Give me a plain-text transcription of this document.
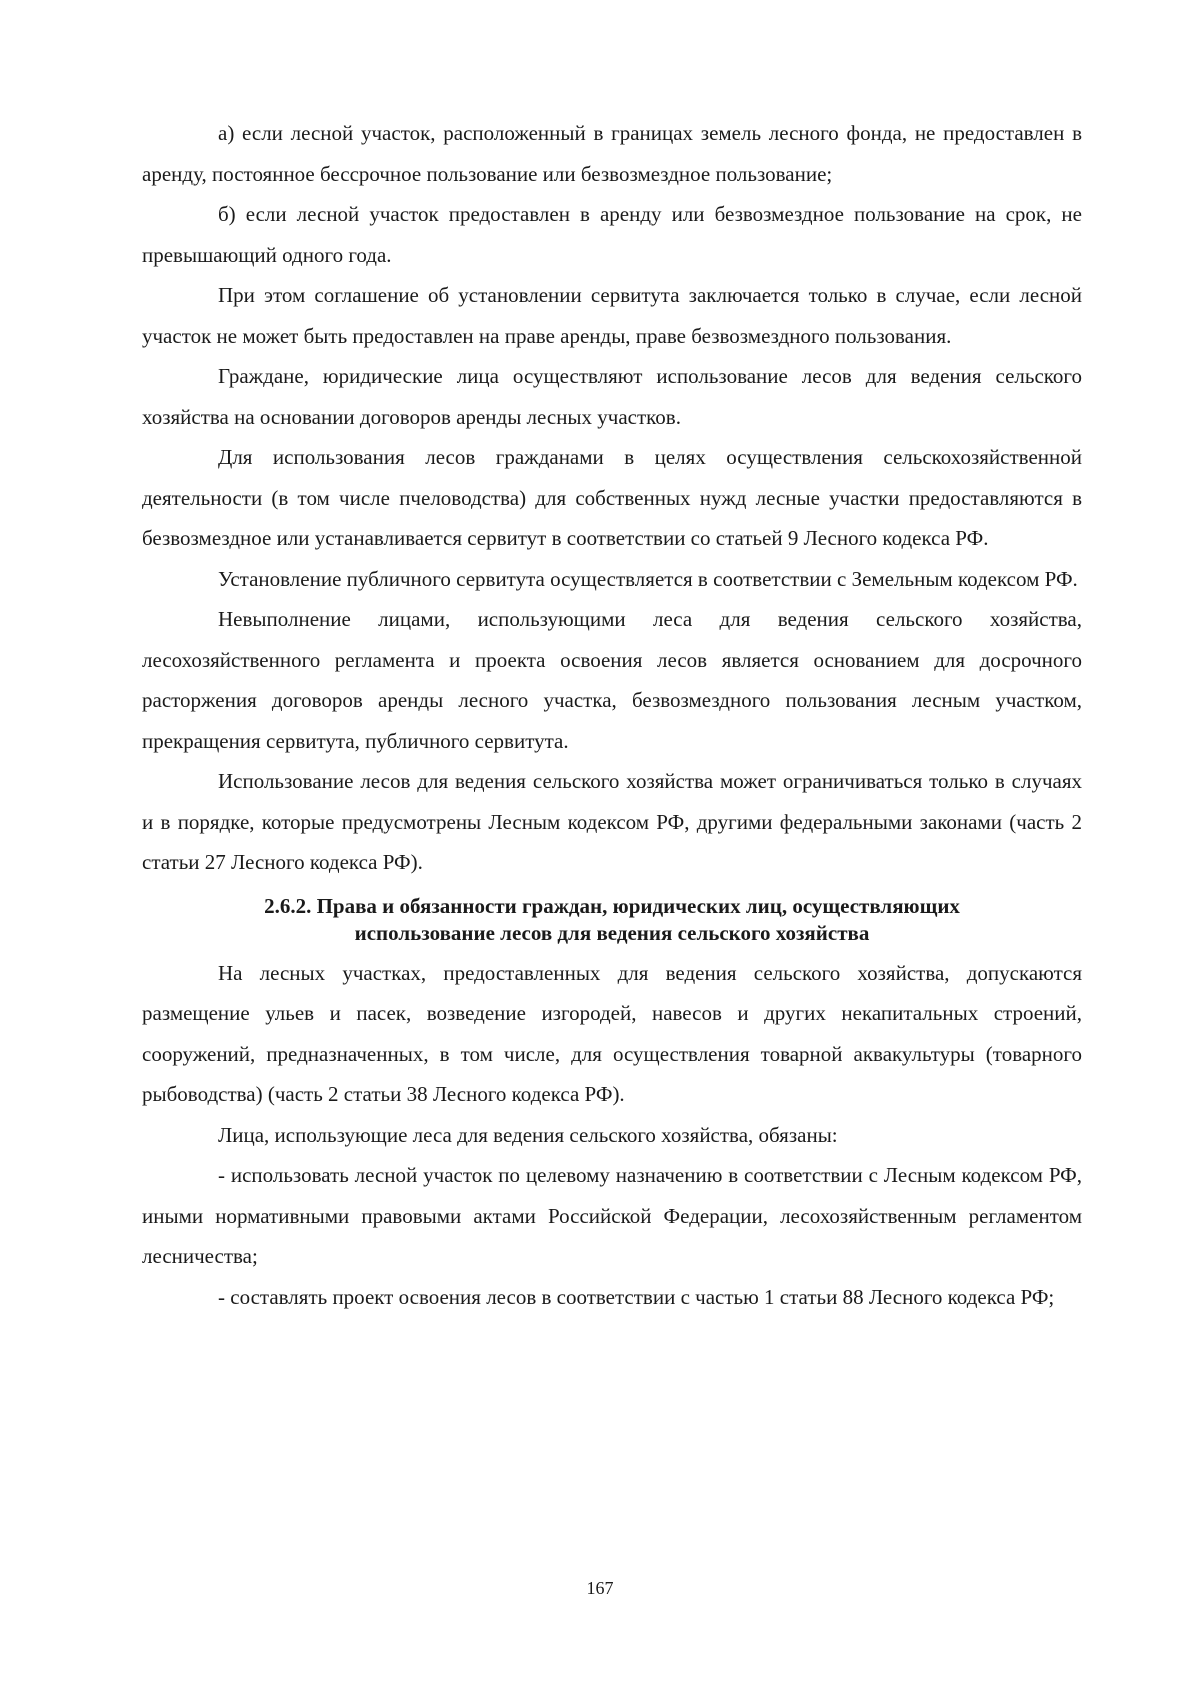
а) если лесной участок, расположенный в границах земель лесного фонда, не предоставлен в аренду, постоянное бессрочное пользование или безвозмездное пользование;

б) если лесной участок предоставлен в аренду или безвозмездное пользование на срок, не превышающий одного года.

При этом соглашение об установлении сервитута заключается только в случае, если лесной участок не может быть предоставлен на праве аренды, праве безвозмездного пользования.

Граждане, юридические лица осуществляют использование лесов для ведения сельского хозяйства на основании договоров аренды лесных участков.

Для использования лесов гражданами в целях осуществления сельскохозяйственной деятельности (в том числе пчеловодства) для собственных нужд лесные участки предоставляются в безвозмездное или устанавливается сервитут в соответствии со статьей 9 Лесного кодекса РФ.

Установление публичного сервитута осуществляется в соответствии с Земельным кодексом РФ.

Невыполнение лицами, использующими леса для ведения сельского хозяйства, лесохозяйственного регламента и проекта освоения лесов является основанием для досрочного расторжения договоров аренды лесного участка, безвозмездного пользования лесным участком, прекращения сервитута, публичного сервитута.

Использование лесов для ведения сельского хозяйства может ограничиваться только в случаях и в порядке, которые предусмотрены Лесным кодексом РФ, другими федеральными законами (часть 2 статьи 27 Лесного кодекса РФ).

2.6.2. Права и обязанности граждан, юридических лиц, осуществляющих
использование лесов для ведения сельского хозяйства

На лесных участках, предоставленных для ведения сельского хозяйства, допускаются размещение ульев и пасек, возведение изгородей, навесов и других некапитальных строений, сооружений, предназначенных, в том числе, для осуществления товарной аквакультуры (товарного рыбоводства) (часть 2 статьи 38 Лесного кодекса РФ).

Лица, использующие леса для ведения сельского хозяйства, обязаны:

- использовать лесной участок по целевому назначению в соответствии с Лесным кодексом РФ, иными нормативными правовыми актами Российской Федерации, лесохозяйственным регламентом лесничества;

- составлять проект освоения лесов в соответствии с частью 1 статьи 88 Лесного кодекса РФ;

167
